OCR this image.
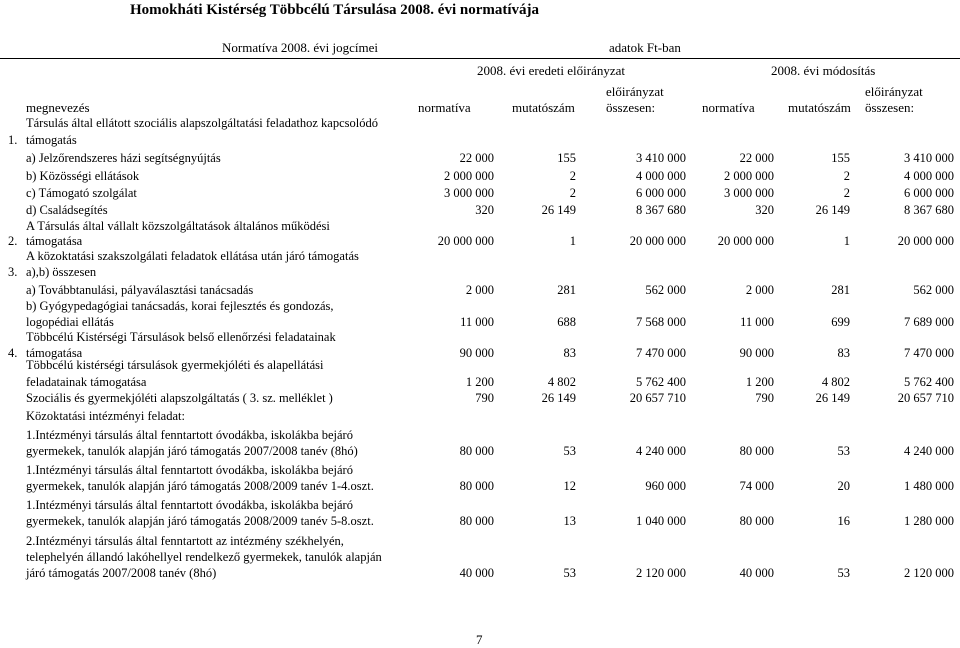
Homokháti Kistérség Többcélú Társulása 2008. évi normatívája
Normatíva 2008. évi jogcímei	adatok Ft-ban
2008. évi eredeti előirányzat	2008. évi módosítás
megnevezés	normatíva	mutatószám
előirányzat
összesen:	normatíva	mutatószám
előirányzat
összesen:
1.
Társulás által ellátott szociális alapszolgáltatási feladathoz kapcsolódó
támogatás
a) Jelzőrendszeres házi segítségnyújtás	22 000	155	3 410 000	22 000	155	3 410 000
b) Közösségi ellátások	2 000 000	2	4 000 000	2 000 000	2	4 000 000
c) Támogató szolgálat	3 000 000	2	6 000 000	3 000 000	2	6 000 000
d) Családsegítés	320	26 149	8 367 680	320	26 149	8 367 680
2.
A Társulás által vállalt közszolgáltatások általános működési
támogatása	20 000 000	1	20 000 000	20 000 000	1	20 000 000
3.
A közoktatási szakszolgálati feladatok ellátása után járó támogatás
a),b) összesen
a) Továbbtanulási, pályaválasztási tanácsadás	2 000	281	562 000	2 000	281	562 000
b) Gyógypedagógiai tanácsadás, korai fejlesztés és gondozás,
logopédiai ellátás	11 000	688	7 568 000	11 000	699	7 689 000
4.
Többcélú Kistérségi Társulások belső ellenőrzési feladatainak
támogatása	90 000	83	7 470 000	90 000	83	7 470 000
Többcélú kistérségi társulások gyermekjóléti és alapellátási
feladatainak támogatása	1 200	4 802	5 762 400	1 200	4 802	5 762 400
Szociális és gyermekjóléti alapszolgáltatás ( 3. sz. melléklet )	790	26 149	20 657 710	790	26 149	20 657 710
Közoktatási intézményi feladat:
1.Intézményi társulás által fenntartott óvodákba, iskolákba bejáró
gyermekek, tanulók alapján járó támogatás 2007/2008 tanév (8hó)	80 000	53	4 240 000	80 000	53	4 240 000
1.Intézményi társulás által fenntartott óvodákba, iskolákba bejáró
gyermekek, tanulók alapján járó támogatás 2008/2009 tanév 1-4.oszt.	80 000	12	960 000	74 000	20	1 480 000
1.Intézményi társulás által fenntartott óvodákba, iskolákba bejáró
gyermekek, tanulók alapján járó támogatás 2008/2009 tanév 5-8.oszt.	80 000	13	1 040 000	80 000	16	1 280 000
2.Intézményi társulás által fenntartott az intézmény székhelyén,
telephelyén állandó lakóhellyel rendelkező gyermekek, tanulók alapján
járó támogatás 2007/2008 tanév (8hó)	40 000	53	2 120 000	40 000	53	2 120 000
7
